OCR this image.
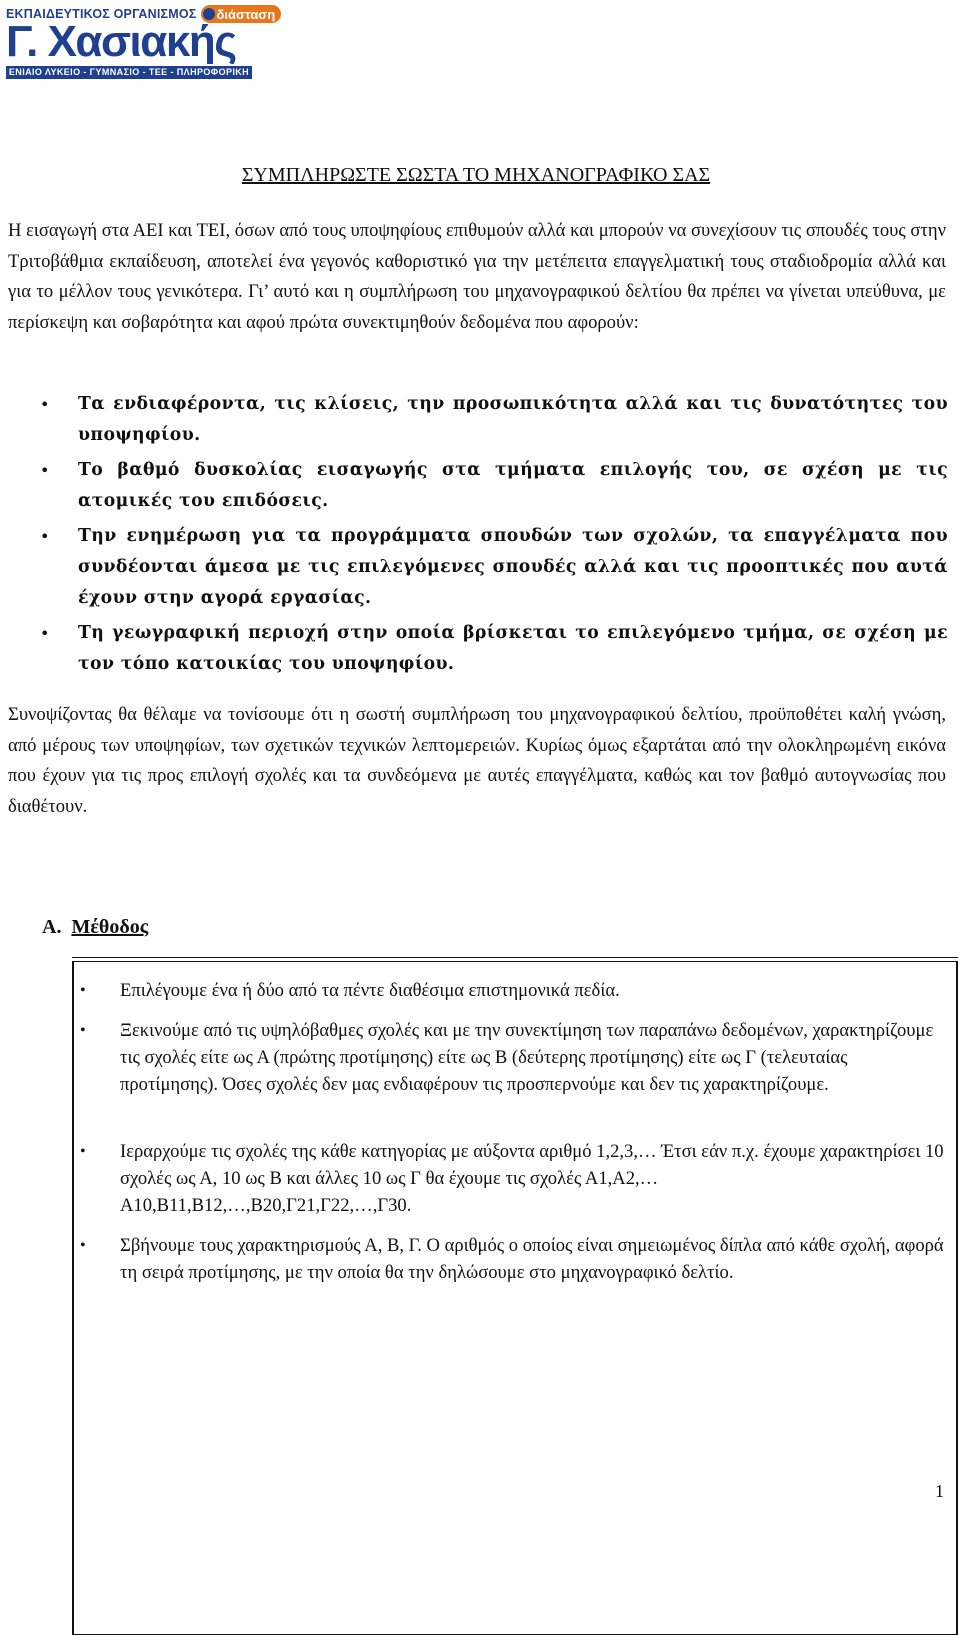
ΕΚΠΑΙΔΕΥΤΙΚΟΣ ΟΡΓΑΝΙΣΜΟΣ διάσταση
Γ. Χασιακής
ΕΝΙΑΙΟ ΛΥΚΕΙΟ - ΓΥΜΝΑΣΙΟ - ΤΕΕ - ΠΛΗΡΟΦΟΡΙΚΗ
ΣΥΜΠΛΗΡΩΣΤΕ ΣΩΣΤΑ ΤΟ ΜΗΧΑΝΟΓΡΑΦΙΚΟ ΣΑΣ
Η εισαγωγή στα ΑΕΙ και ΤΕΙ, όσων από τους υποψηφίους επιθυμούν αλλά και μπορούν να συνεχίσουν τις σπουδές τους στην Τριτοβάθμια εκπαίδευση, αποτελεί ένα γεγονός καθοριστικό για την μετέπειτα επαγγελματική τους σταδιοδρομία αλλά και για το μέλλον τους γενικότερα. Γι’ αυτό και η συμπλήρωση του μηχανογραφικού δελτίου θα πρέπει να γίνεται υπεύθυνα, με περίσκεψη και σοβαρότητα και αφού πρώτα συνεκτιμηθούν δεδομένα που αφορούν:
• Τα ενδιαφέροντα, τις κλίσεις, την προσωπικότητα αλλά και τις δυνατότητες του υποψηφίου.
• Το βαθμό δυσκολίας εισαγωγής στα τμήματα επιλογής του, σε σχέση με τις ατομικές του επιδόσεις.
• Την ενημέρωση για τα προγράμματα σπουδών των σχολών, τα επαγγέλματα που συνδέονται άμεσα με τις επιλεγόμενες σπουδές αλλά και τις προοπτικές που αυτά έχουν στην αγορά εργασίας.
• Τη γεωγραφική περιοχή στην οποία βρίσκεται το επιλεγόμενο τμήμα, σε σχέση με τον τόπο κατοικίας του υποψηφίου.
Συνοψίζοντας θα θέλαμε να τονίσουμε ότι η σωστή συμπλήρωση του μηχανογραφικού δελτίου, προϋποθέτει καλή γνώση, από μέρους των υποψηφίων, των σχετικών τεχνικών λεπτομερειών. Κυρίως όμως εξαρτάται από την ολοκληρωμένη εικόνα που έχουν για τις προς επιλογή σχολές και τα συνδεόμενα με αυτές επαγγέλματα, καθώς και τον βαθμό αυτογνωσίας που διαθέτουν.
Α. Μέθοδος
• Επιλέγουμε ένα ή δύο από τα πέντε διαθέσιμα επιστημονικά πεδία.
• Ξεκινούμε από τις υψηλόβαθμες σχολές και με την συνεκτίμηση των παραπάνω δεδομένων, χαρακτηρίζουμε τις σχολές είτε ως Α (πρώτης προτίμησης) είτε ως Β (δεύτερης προτίμησης) είτε ως Γ (τελευταίας προτίμησης). Όσες σχολές δεν μας ενδιαφέρουν τις προσπερνούμε και δεν τις χαρακτηρίζουμε.
• Ιεραρχούμε τις σχολές της κάθε κατηγορίας με αύξοντα αριθμό 1,2,3,… Έτσι εάν π.χ. έχουμε χαρακτηρίσει 10 σχολές ως Α, 10 ως Β και άλλες 10 ως Γ θα έχουμε τις σχολές Α1,Α2,…Α10,Β11,Β12,…,Β20,Γ21,Γ22,…,Γ30.
• Σβήνουμε τους χαρακτηρισμούς Α, Β, Γ. Ο αριθμός ο οποίος είναι σημειωμένος δίπλα από κάθε σχολή, αφορά τη σειρά προτίμησης, με την οποία θα την δηλώσουμε στο μηχανογραφικό δελτίο.
1
